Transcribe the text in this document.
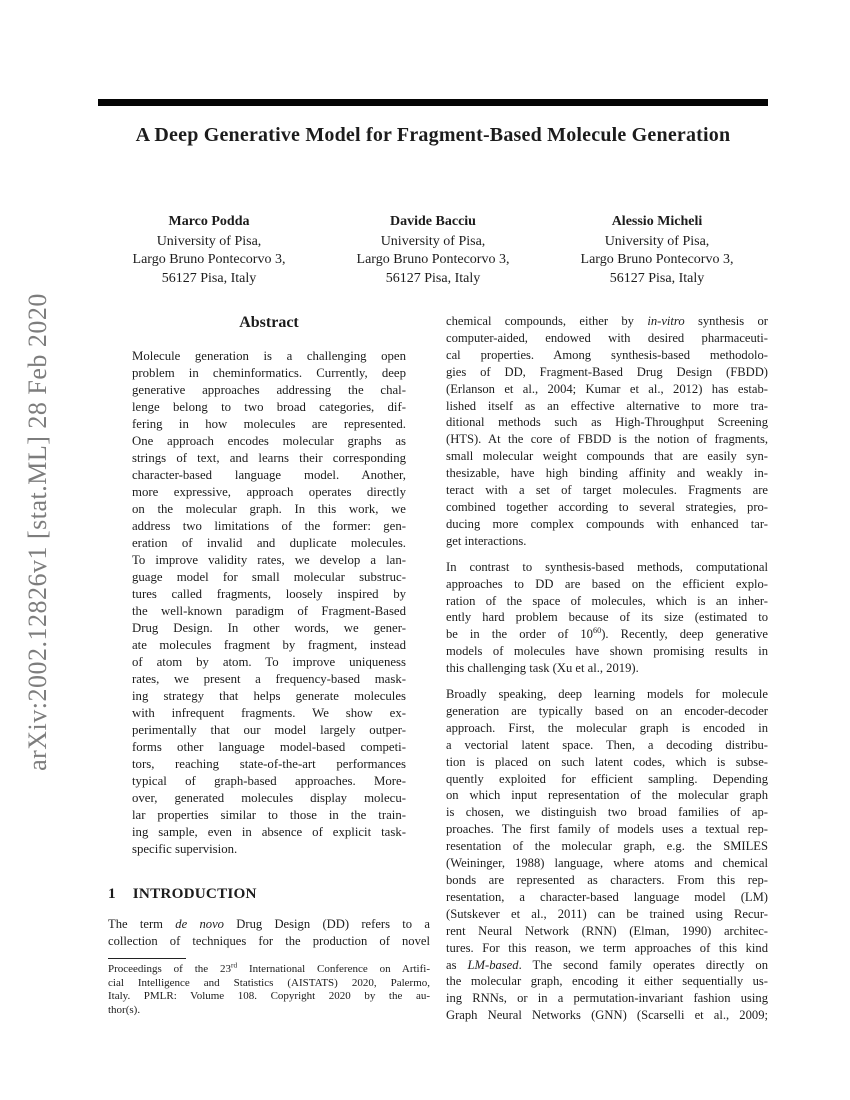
arXiv:2002.12826v1 [stat.ML] 28 Feb 2020
A Deep Generative Model for Fragment-Based Molecule Generation
Marco Podda
University of Pisa,
Largo Bruno Pontecorvo 3,
56127 Pisa, Italy
Davide Bacciu
University of Pisa,
Largo Bruno Pontecorvo 3,
56127 Pisa, Italy
Alessio Micheli
University of Pisa,
Largo Bruno Pontecorvo 3,
56127 Pisa, Italy
Abstract
Molecule generation is a challenging open
problem in cheminformatics. Currently, deep
generative approaches addressing the chal-
lenge belong to two broad categories, dif-
fering in how molecules are represented.
One approach encodes molecular graphs as
strings of text, and learns their corresponding
character-based language model. Another,
more expressive, approach operates directly
on the molecular graph. In this work, we
address two limitations of the former: gen-
eration of invalid and duplicate molecules.
To improve validity rates, we develop a lan-
guage model for small molecular substruc-
tures called fragments, loosely inspired by
the well-known paradigm of Fragment-Based
Drug Design. In other words, we gener-
ate molecules fragment by fragment, instead
of atom by atom. To improve uniqueness
rates, we present a frequency-based mask-
ing strategy that helps generate molecules
with infrequent fragments. We show ex-
perimentally that our model largely outper-
forms other language model-based competi-
tors, reaching state-of-the-art performances
typical of graph-based approaches. More-
over, generated molecules display molecu-
lar properties similar to those in the train-
ing sample, even in absence of explicit task-
specific supervision.
1 INTRODUCTION
The term de novo Drug Design (DD) refers to a
collection of techniques for the production of novel
Proceedings of the 23rd International Conference on Artifi-
cial Intelligence and Statistics (AISTATS) 2020, Palermo,
Italy. PMLR: Volume 108. Copyright 2020 by the au-
thor(s).
chemical compounds, either by in-vitro synthesis or
computer-aided, endowed with desired pharmaceuti-
cal properties. Among synthesis-based methodolo-
gies of DD, Fragment-Based Drug Design (FBDD)
(Erlanson et al., 2004; Kumar et al., 2012) has estab-
lished itself as an effective alternative to more tra-
ditional methods such as High-Throughput Screening
(HTS). At the core of FBDD is the notion of fragments,
small molecular weight compounds that are easily syn-
thesizable, have high binding affinity and weakly in-
teract with a set of target molecules. Fragments are
combined together according to several strategies, pro-
ducing more complex compounds with enhanced tar-
get interactions.
In contrast to synthesis-based methods, computational
approaches to DD are based on the efficient explo-
ration of the space of molecules, which is an inher-
ently hard problem because of its size (estimated to
be in the order of $10^{60}$). Recently, deep generative
models of molecules have shown promising results in
this challenging task (Xu et al., 2019).
Broadly speaking, deep learning models for molecule
generation are typically based on an encoder-decoder
approach. First, the molecular graph is encoded in
a vectorial latent space. Then, a decoding distribu-
tion is placed on such latent codes, which is subse-
quently exploited for efficient sampling. Depending
on which input representation of the molecular graph
is chosen, we distinguish two broad families of ap-
proaches. The first family of models uses a textual rep-
resentation of the molecular graph, e.g. the SMILES
(Weininger, 1988) language, where atoms and chemical
bonds are represented as characters. From this rep-
resentation, a character-based language model (LM)
(Sutskever et al., 2011) can be trained using Recur-
rent Neural Network (RNN) (Elman, 1990) architec-
tures. For this reason, we term approaches of this kind
as LM-based. The second family operates directly on
the molecular graph, encoding it either sequentially us-
ing RNNs, or in a permutation-invariant fashion using
Graph Neural Networks (GNN) (Scarselli et al., 2009;
